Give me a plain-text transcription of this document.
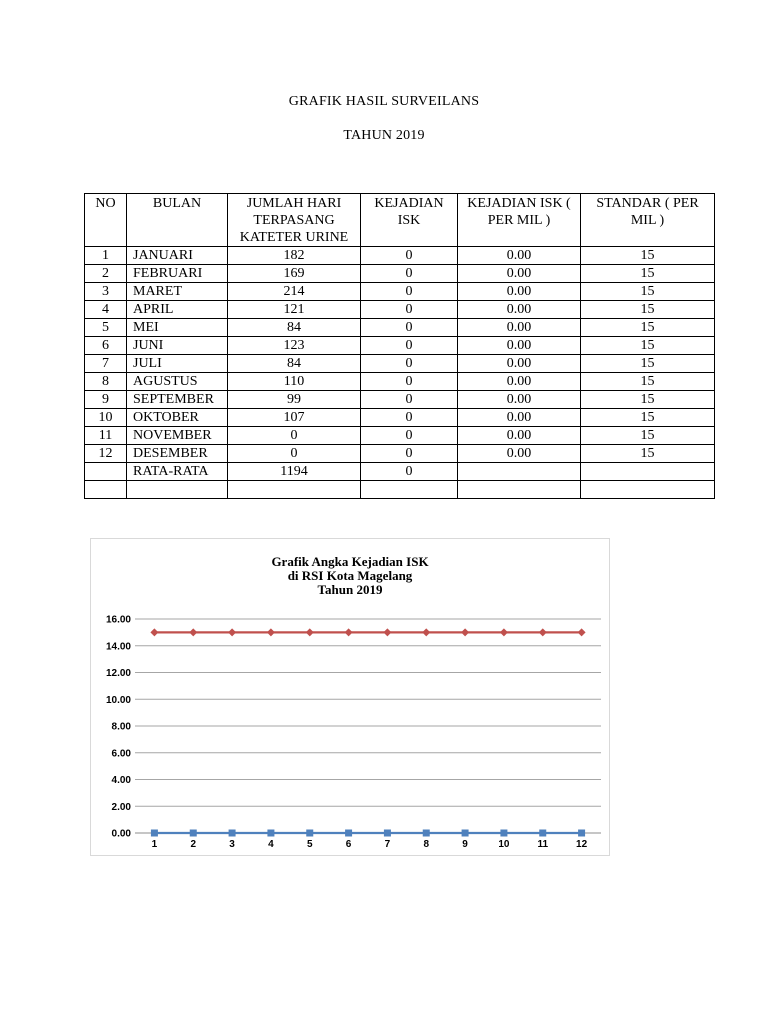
GRAFIK HASIL SURVEILANS
TAHUN 2019
NO	BULAN	JUMLAH HARI TERPASANG KATETER URINE	KEJADIAN ISK	KEJADIAN ISK ( PER MIL )	STANDAR ( PER MIL )
1	JANUARI	182	0	0.00	15
2	FEBRUARI	169	0	0.00	15
3	MARET	214	0	0.00	15
4	APRIL	121	0	0.00	15
5	MEI	84	0	0.00	15
6	JUNI	123	0	0.00	15
7	JULI	84	0	0.00	15
8	AGUSTUS	110	0	0.00	15
9	SEPTEMBER	99	0	0.00	15
10	OKTOBER	107	0	0.00	15
11	NOVEMBER	0	0	0.00	15
12	DESEMBER	0	0	0.00	15
	RATA-RATA	1194	0		

Grafik Angka Kejadian ISK
di RSI Kota Magelang
Tahun 2019
0.00
2.00
4.00
6.00
8.00
10.00
12.00
14.00
16.00
1	2	3	4	5	6	7	8	9	10	11	12
